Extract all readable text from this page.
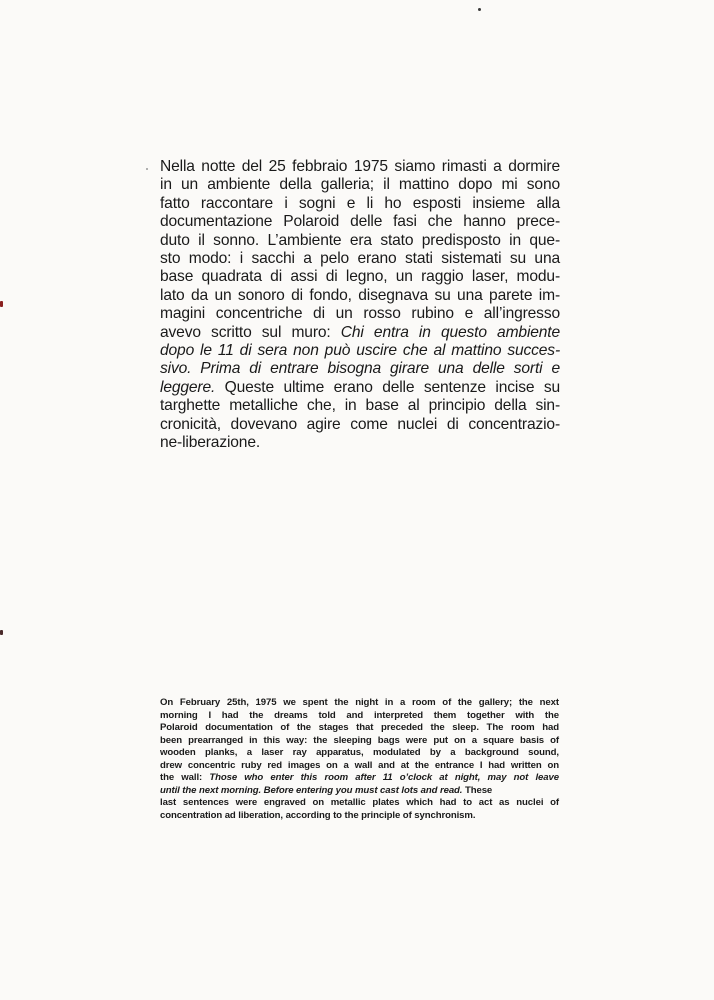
Nella notte del 25 febbraio 1975 siamo rimasti a dormire
in un ambiente della galleria; il mattino dopo mi sono
fatto raccontare i sogni e li ho esposti insieme alla
documentazione Polaroid delle fasi che hanno prece-
duto il sonno. L’ambiente era stato predisposto in que-
sto modo: i sacchi a pelo erano stati sistemati su una
base quadrata di assi di legno, un raggio laser, modu-
lato da un sonoro di fondo, disegnava su una parete im-
magini concentriche di un rosso rubino e all’ingresso
avevo scritto sul muro: Chi entra in questo ambiente
dopo le 11 di sera non può uscire che al mattino succes-
sivo. Prima di entrare bisogna girare una delle sorti e
leggere. Queste ultime erano delle sentenze incise su
targhette metalliche che, in base al principio della sin-
cronicità, dovevano agire come nuclei di concentrazio-
ne-liberazione.
On February 25th, 1975 we spent the night in a room of the gallery; the next
morning I had the dreams told and interpreted them together with the
Polaroid documentation of the stages that preceded the sleep. The room had
been prearranged in this way: the sleeping bags were put on a square basis of
wooden planks, a laser ray apparatus, modulated by a background sound,
drew concentric ruby red images on a wall and at the entrance I had written on
the wall: Those who enter this room after 11 o’clock at night, may not leave
until the next morning. Before entering you must cast lots and read. These
last sentences were engraved on metallic plates which had to act as nuclei of
concentration ad liberation, according to the principle of synchronism.
